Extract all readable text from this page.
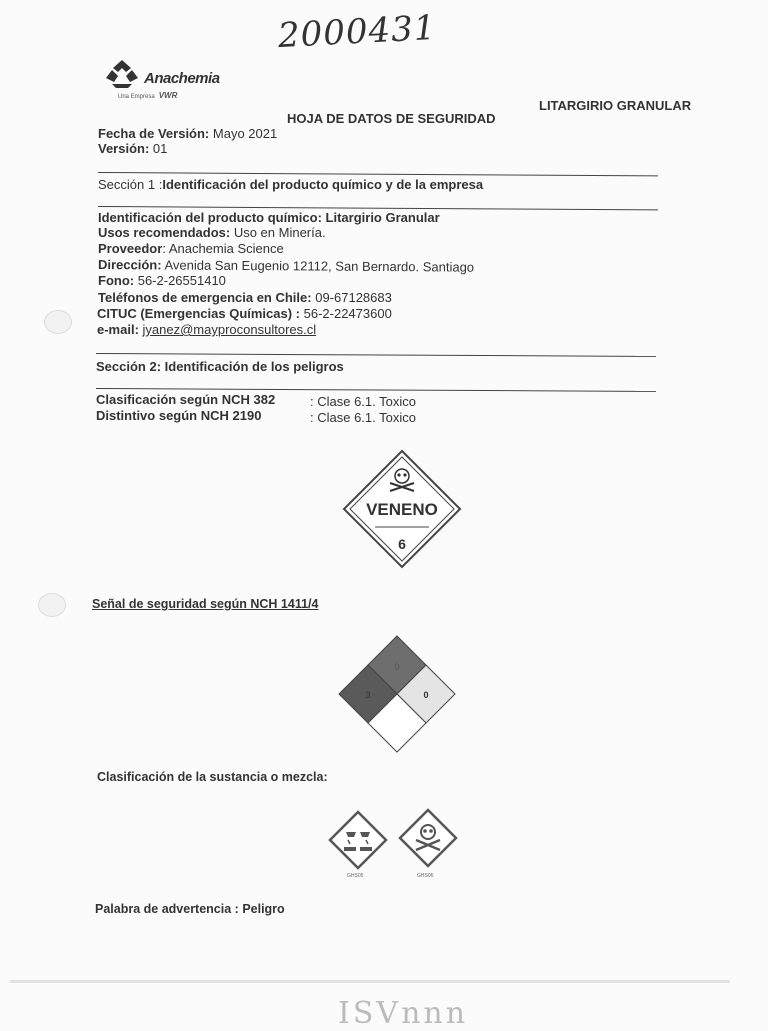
2000431
Anachemia
Una Empresa VWR
LITARGIRIO GRANULAR
HOJA DE DATOS DE SEGURIDAD
Fecha de Versión: Mayo 2021
Versión: 01
Sección 1 :Identificación del producto químico y de la empresa
Identificación del producto químico: Litargirio Granular
Usos recomendados: Uso en Minería.
Proveedor: Anachemia Science
Dirección: Avenida San Eugenio 12112, San Bernardo. Santiago
Fono: 56-2-26551410
Teléfonos de emergencia en Chile: 09-67128683
CITUC (Emergencias Químicas) : 56-2-22473600
e-mail: jyanez@mayproconsultores.cl
Sección 2: Identificación de los peligros
Clasificación según NCH 382	: Clase 6.1. Toxico
Distintivo según NCH 2190	: Clase 6.1. Toxico
VENENO
6
Señal de seguridad según NCH 1411/4
0
3	0
Clasificación de la sustancia o mezcla:
GHS05	GHS06
Palabra de advertencia : Peligro
ISVnnn
